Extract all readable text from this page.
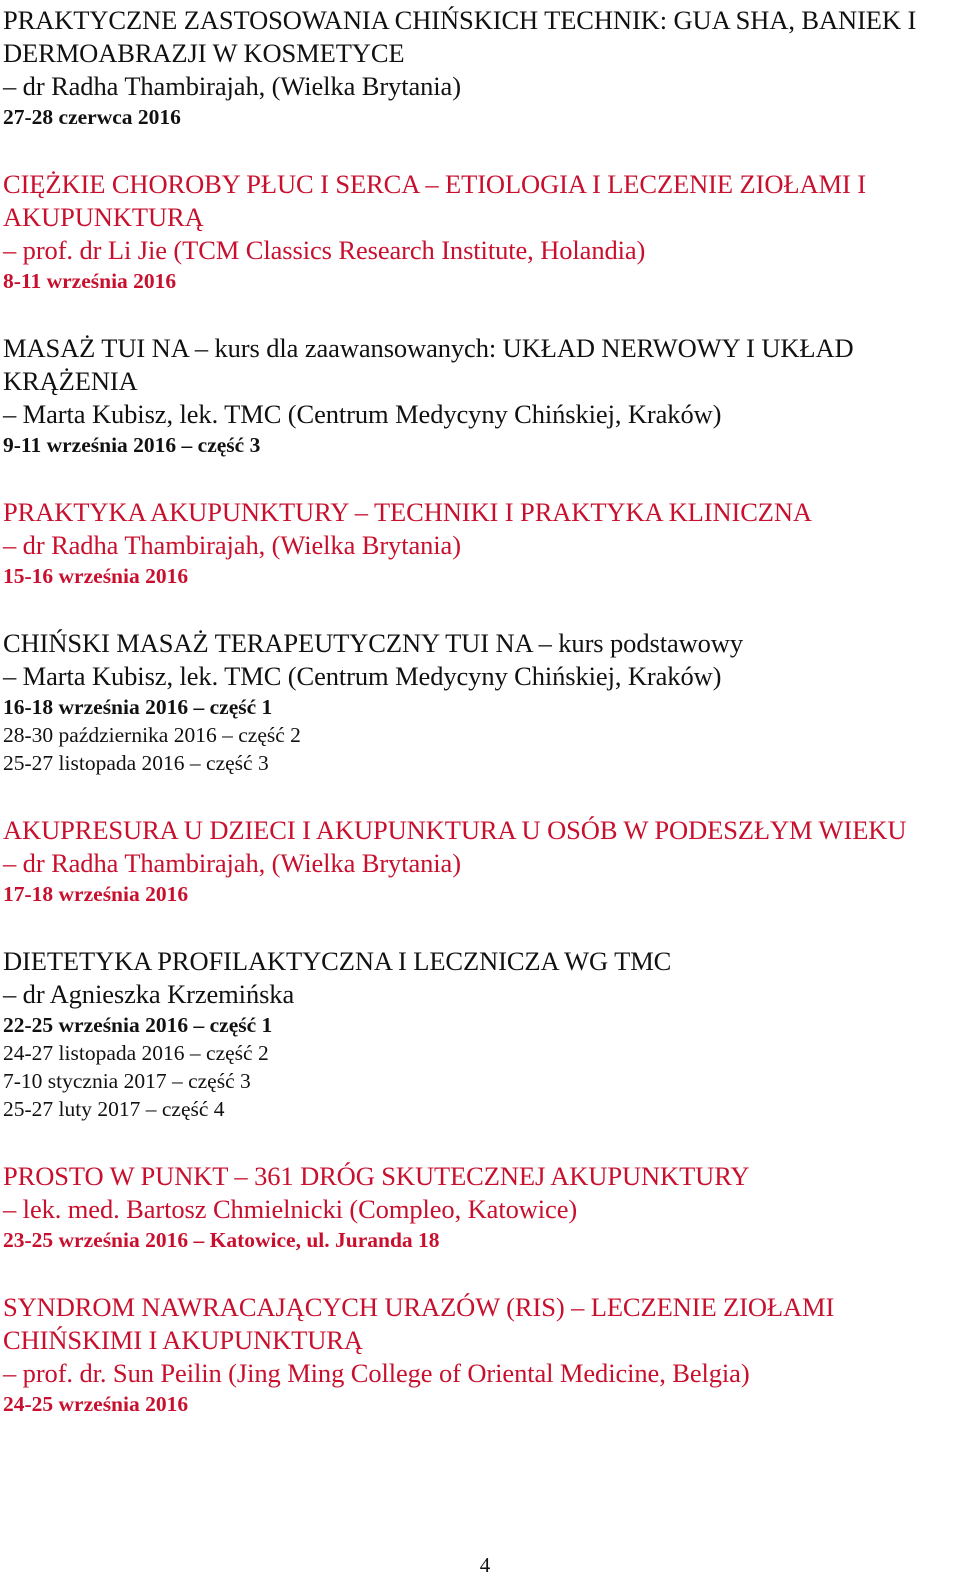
PRAKTYCZNE ZASTOSOWANIA CHIŃSKICH TECHNIK: GUA SHA, BANIEK I DERMOABRAZJI W KOSMETYCE
– dr Radha Thambirajah, (Wielka Brytania)
27-28 czerwca 2016
CIĘŻKIE CHOROBY PŁUC I SERCA – ETIOLOGIA I LECZENIE ZIOŁAMI I AKUPUNKTURĄ
– prof. dr Li Jie (TCM Classics Research Institute, Holandia)
8-11 września 2016
MASAŻ TUI NA – kurs dla zaawansowanych: UKŁAD NERWOWY I UKŁAD KRĄŻENIA
– Marta Kubisz, lek. TMC (Centrum Medycyny Chińskiej, Kraków)
9-11 września 2016 – część 3
PRAKTYKA AKUPUNKTURY – TECHNIKI I PRAKTYKA KLINICZNA
– dr Radha Thambirajah, (Wielka Brytania)
15-16 września 2016
CHIŃSKI MASAŻ TERAPEUTYCZNY TUI NA – kurs podstawowy
– Marta Kubisz, lek. TMC (Centrum Medycyny Chińskiej, Kraków)
16-18 września 2016 – część 1
28-30 października 2016 – część 2
25-27 listopada 2016 – część 3
AKUPRESURA U DZIECI I AKUPUNKTURA U OSÓB W PODESZŁYM WIEKU
– dr Radha Thambirajah, (Wielka Brytania)
17-18 września 2016
DIETETYKA PROFILAKTYCZNA I LECZNICZA WG TMC
– dr Agnieszka Krzemińska
22-25 września 2016 – część 1
24-27 listopada 2016 – część 2
7-10 stycznia 2017 – część 3
25-27 luty 2017 – część 4
PROSTO W PUNKT – 361 DRÓG SKUTECZNEJ AKUPUNKTURY
– lek. med. Bartosz Chmielnicki (Compleo, Katowice)
23-25 września 2016 – Katowice, ul. Juranda 18
SYNDROM NAWRACAJĄCYCH URAZÓW (RIS) – LECZENIE ZIOŁAMI CHIŃSKIMI I AKUPUNKTURĄ
– prof. dr. Sun Peilin (Jing Ming College of Oriental Medicine, Belgia)
24-25 września 2016
4
